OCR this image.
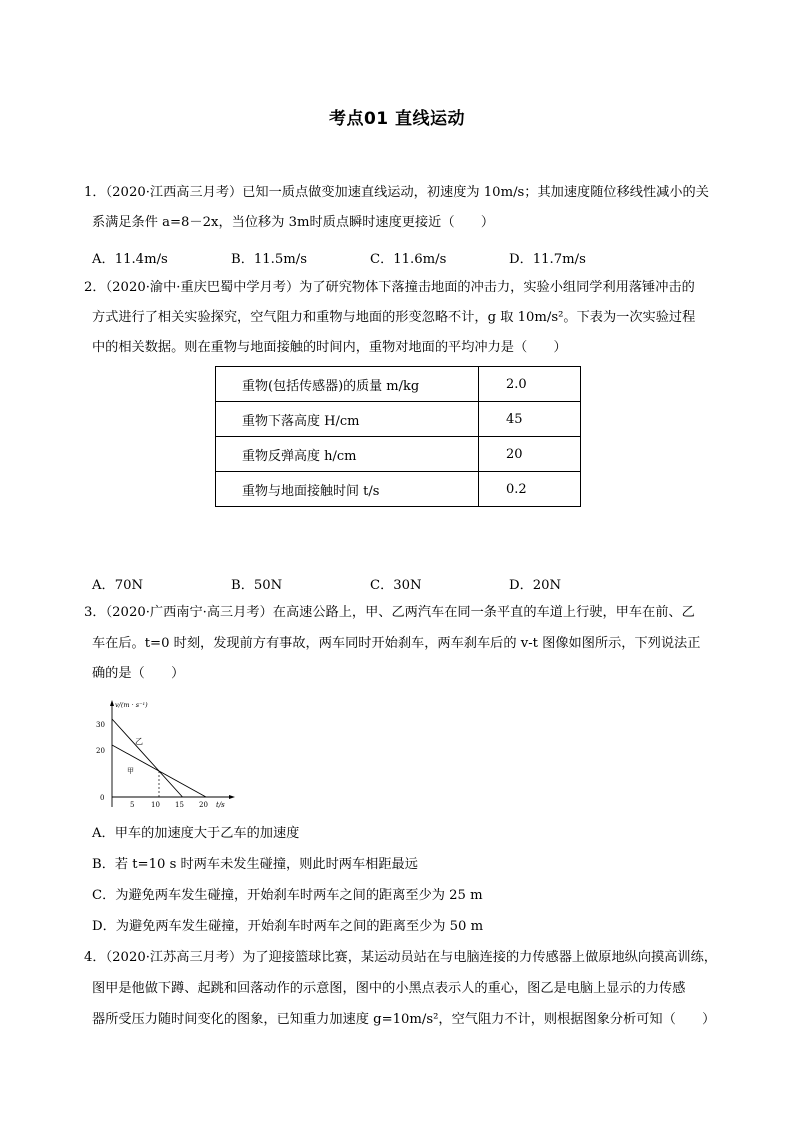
考点01 直线运动
1．（2020·江西高三月考）已知一质点做变加速直线运动，初速度为 10m/s；其加速度随位移线性减小的关
系满足条件 a=8－2x，当位移为 3m时质点瞬时速度更接近（　　）
A．11.4m/s	B．11.5m/s	C．11.6m/s	D．11.7m/s
2．（2020·渝中·重庆巴蜀中学月考）为了研究物体下落撞击地面的冲击力，实验小组同学利用落锤冲击的
方式进行了相关实验探究，空气阻力和重物与地面的形变忽略不计，g 取 10m/s²。下表为一次实验过程
中的相关数据。则在重物与地面接触的时间内，重物对地面的平均冲力是（　　）
重物(包括传感器)的质量 m/kg	2.0
重物下落高度 H/cm	45
重物反弹高度 h/cm	20
重物与地面接触时间 t/s	0.2
A．70N	B．50N	C．30N	D．20N
3．（2020·广西南宁·高三月考）在高速公路上，甲、乙两汽车在同一条平直的车道上行驶，甲车在前、乙
车在后。t=0 时刻，发现前方有事故，两车同时开始刹车，两车刹车后的 v-t 图像如图所示，下列说法正
确的是（　　）
v/(m · s⁻¹)
t/s
30
20
0
5 10 15 20
乙
甲
A．甲车的加速度大于乙车的加速度
B．若 t=10 s 时两车未发生碰撞，则此时两车相距最远
C．为避免两车发生碰撞，开始刹车时两车之间的距离至少为 25 m
D．为避免两车发生碰撞，开始刹车时两车之间的距离至少为 50 m
4．（2020·江苏高三月考）为了迎接篮球比赛，某运动员站在与电脑连接的力传感器上做原地纵向摸高训练，
图甲是他做下蹲、起跳和回落动作的示意图，图中的小黑点表示人的重心，图乙是电脑上显示的力传感
器所受压力随时间变化的图象，已知重力加速度 g=10m/s²，空气阻力不计，则根据图象分析可知（　　）
